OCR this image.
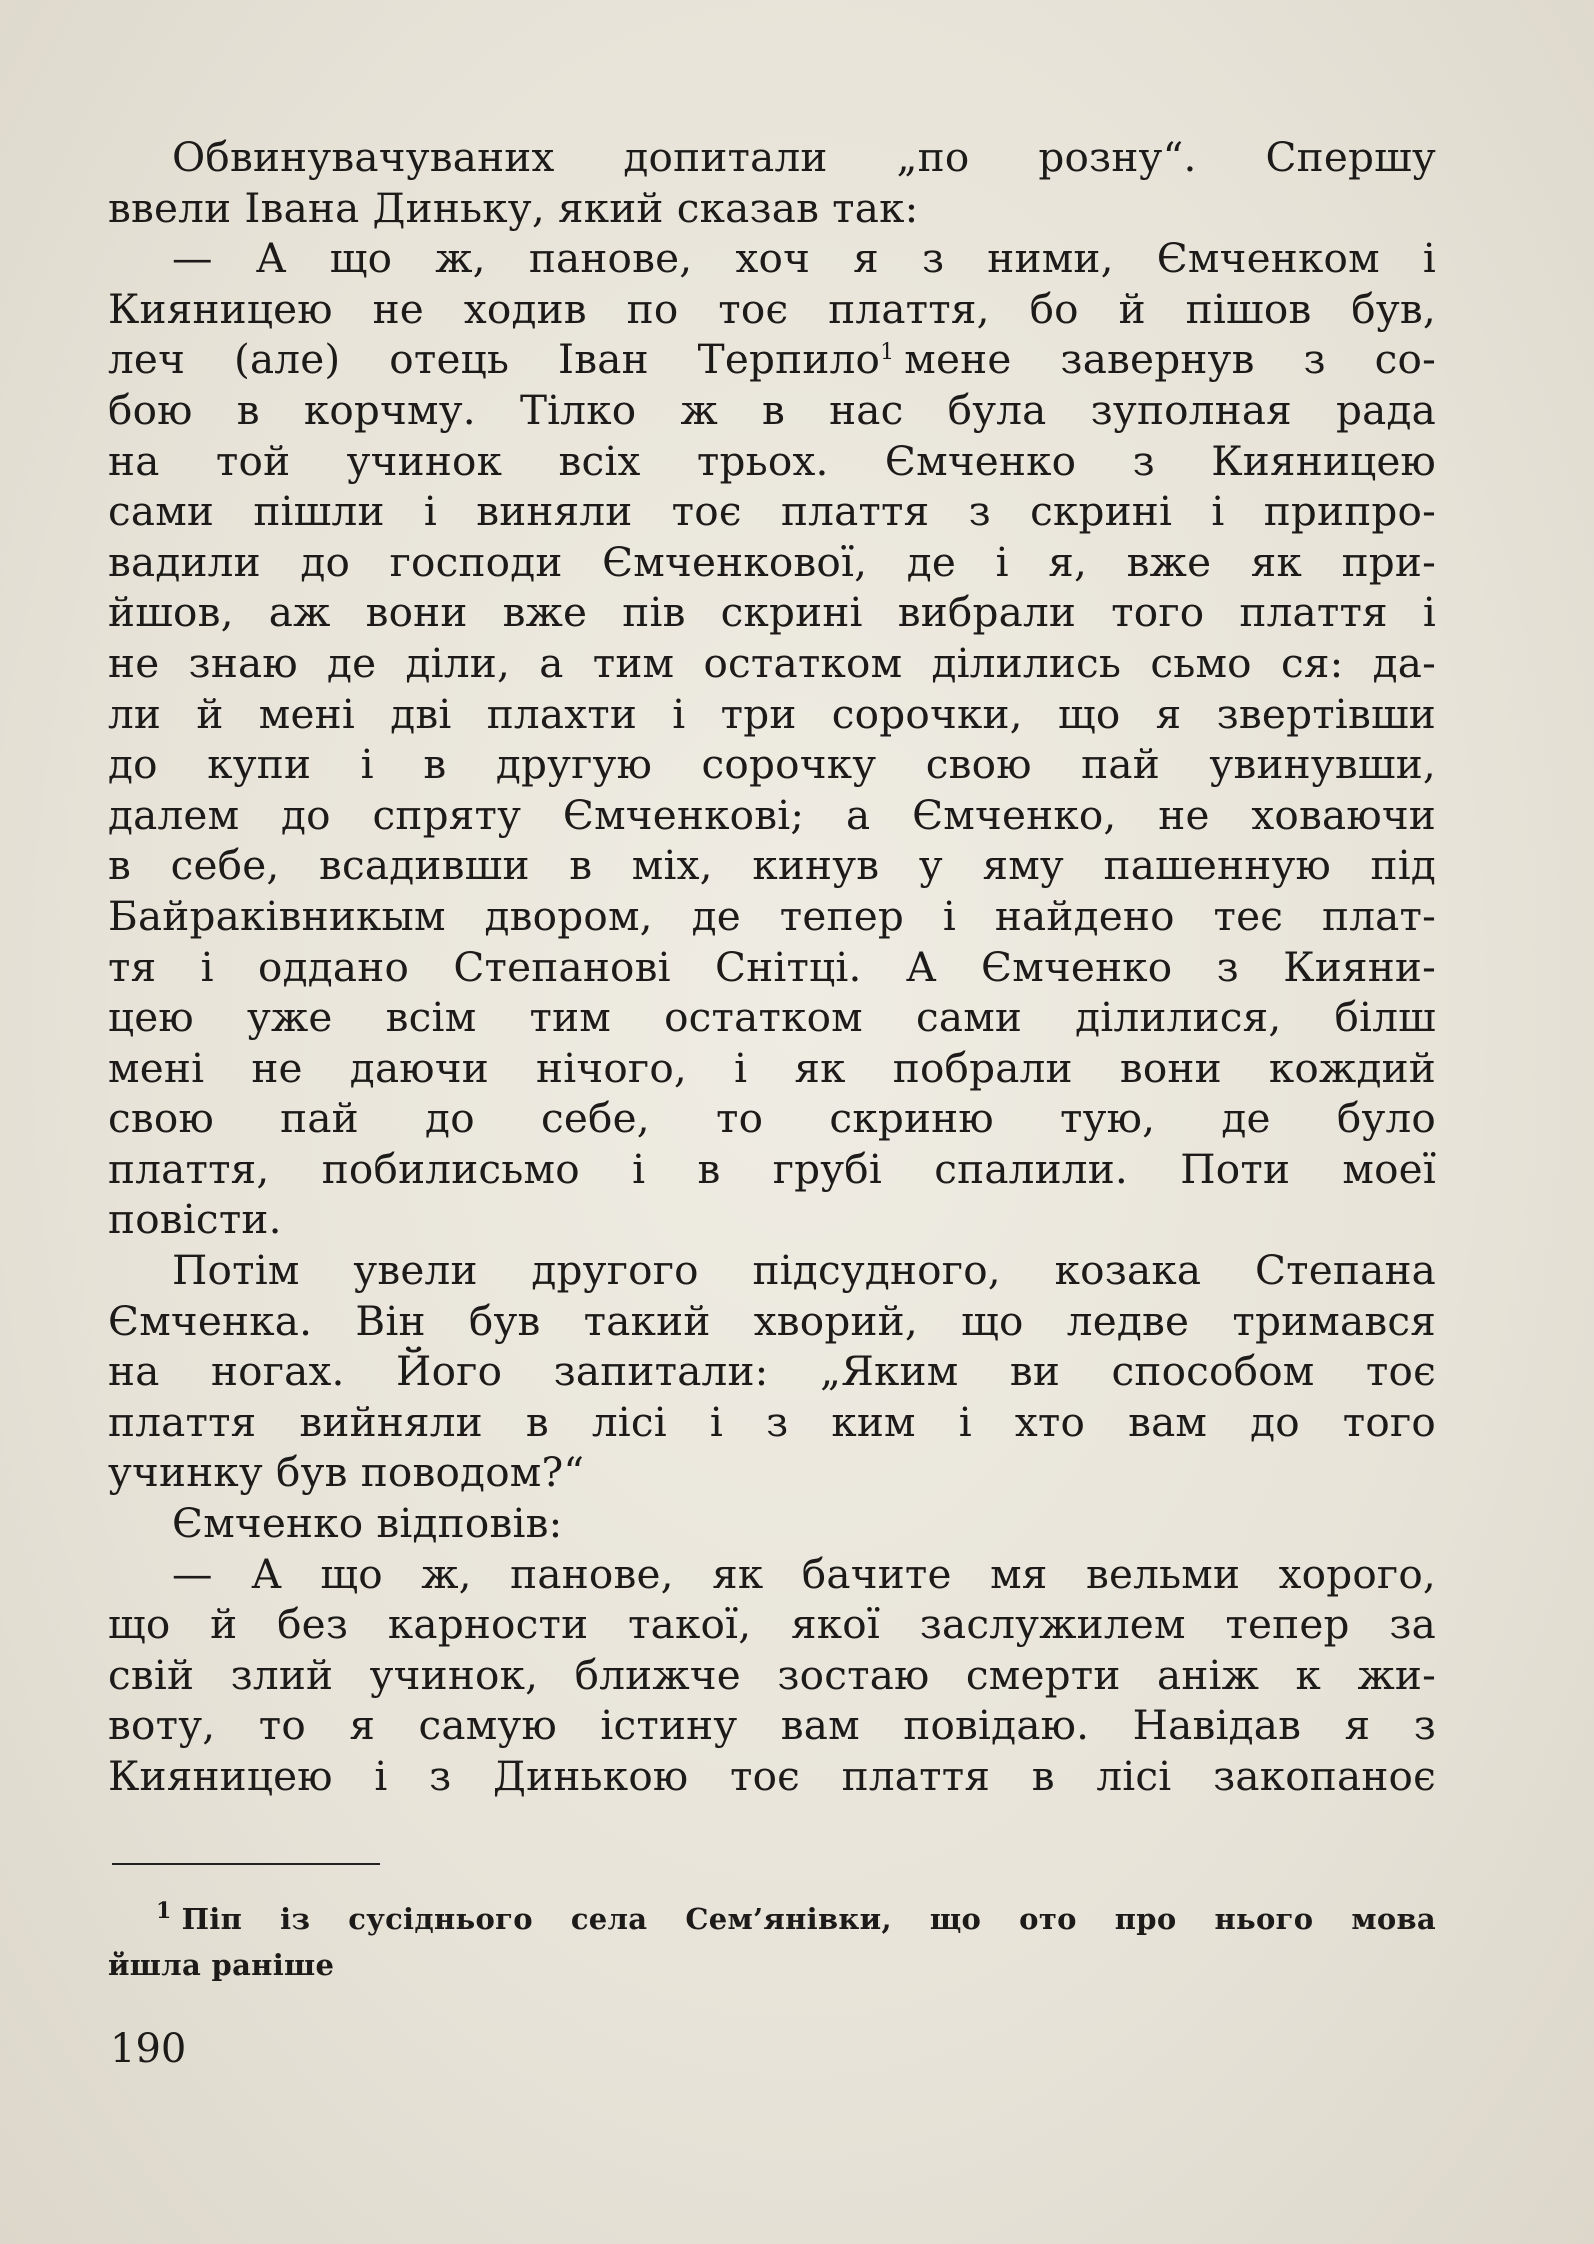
Обвинувачуваних допитали „по розну“. Спершу
ввели Івана Диньку, який сказав так:
— А що ж, панове, хоч я з ними, Ємченком і
Кияницею не ходив по тоє плаття, бо й пішов був,
леч (але) отець Іван Терпило$^1$ мене завернув з со-
бою в корчму. Тілко ж в нас була зуполная рада
на той учинок всіх трьох. Ємченко з Кияницею
сами пішли і виняли тоє плаття з скрині і припро-
вадили до господи Ємченкової, де і я, вже як при-
йшов, аж вони вже пів скрині вибрали того плаття і
не знаю де діли, а тим остатком ділились сьмо ся: да-
ли й мені дві плахти і три сорочки, що я звертівши
до купи і в другую сорочку свою пай увинувши,
далем до спряту Ємченкові; а Ємченко, не ховаючи
в себе, всадивши в міх, кинув у яму пашенную під
Байраківникым двором, де тепер і найдено теє плат-
тя і оддано Степанові Снітці. А Ємченко з Кияни-
цею уже всім тим остатком сами ділилися, білш
мені не даючи нічого, і як побрали вони кождий
свою пай до себе, то скриню тую, де було
плаття, побилисьмо і в грубі спалили. Поти моеї
повісти.
Потім увели другого підсудного, козака Степана
Ємченка. Він був такий хворий, що ледве тримався
на ногах. Його запитали: „Яким ви способом тоє
плаття вийняли в лісі і з ким і хто вам до того
учинку був поводом?“
Ємченко відповів:
— А що ж, панове, як бачите мя вельми хорого,
що й без карности такої, якої заслужилем тепер за
свій злий учинок, ближче зостаю смерти аніж к жи-
воту, то я самую істину вам повідаю. Навідав я з
Кияницею і з Динькою тоє плаття в лісі закопаноє
$^1$ Піп із сусіднього села Сем’янівки, що ото про нього мова
йшла раніше
190
